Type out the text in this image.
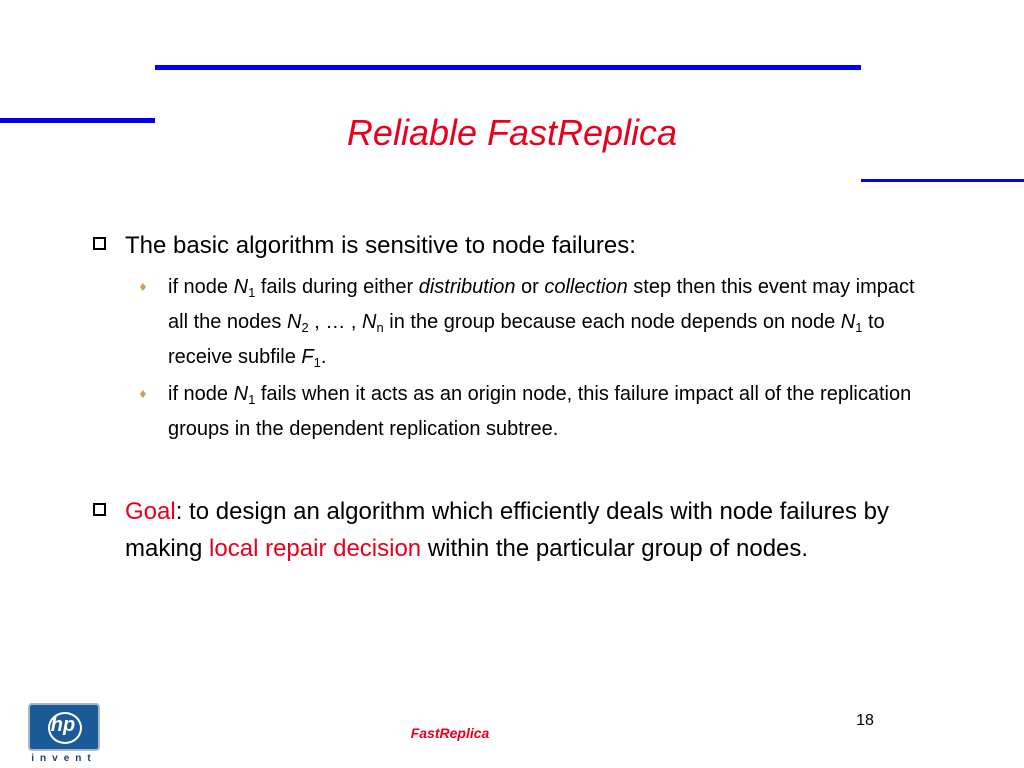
Reliable FastReplica
The basic algorithm is sensitive to node failures:
♦ if node $N_1$ fails during either distribution or collection step then this event may impact all the nodes $N_2$ , … , $N_n$ in the group because each node depends on node $N_1$ to receive subfile $F_1$.
♦ if node $N_1$ fails when it acts as an origin node, this failure impact all of the replication groups in the dependent replication subtree.
Goal: to design an algorithm which efficiently deals with node failures by making local repair decision within the particular group of nodes.
hp
invent
FastReplica
18
